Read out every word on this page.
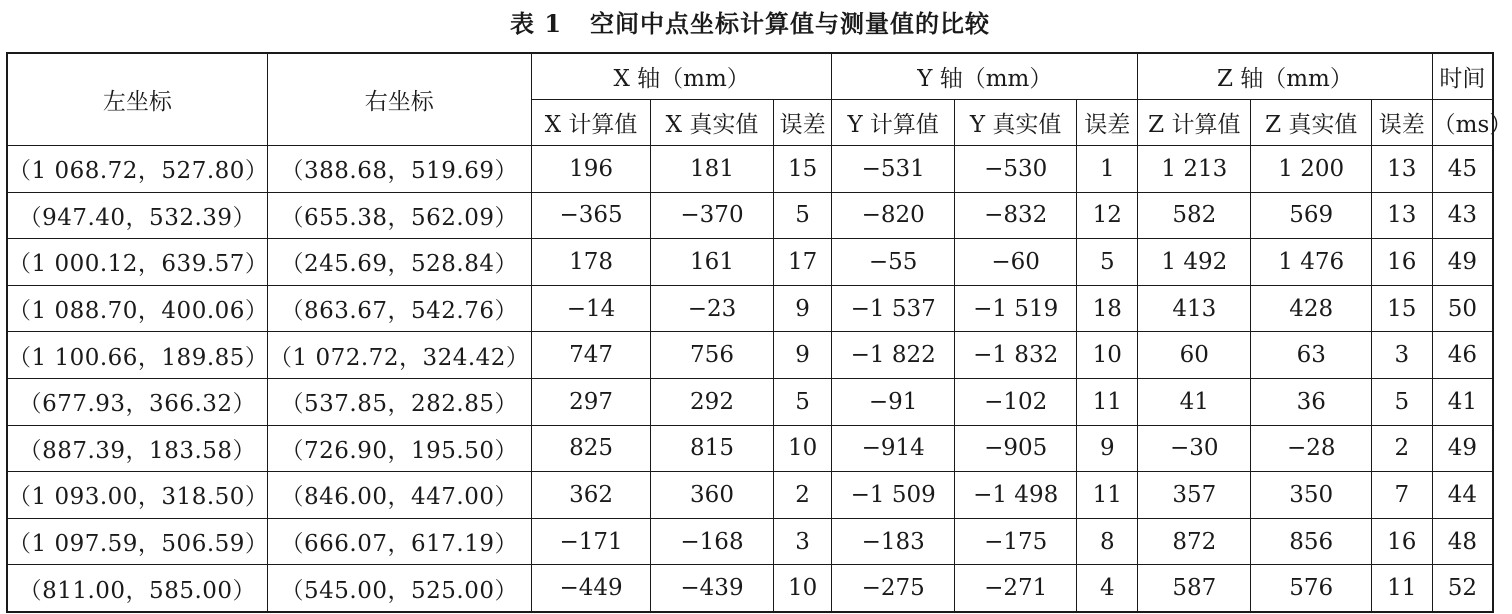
表 1 空间中点坐标计算值与测量值的比较
左坐标	右坐标	X 轴（mm）			Y 轴（mm）			Z 轴（mm）			时间
		X 计算值	X 真实值	误差	Y 计算值	Y 真实值	误差	Z 计算值	Z 真实值	误差	（ms）
（1 068.72，527.80）	（388.68，519.69）	196	181	15	−531	−530	1	1 213	1 200	13	45
（947.40，532.39）	（655.38，562.09）	−365	−370	5	−820	−832	12	582	569	13	43
（1 000.12，639.57）	（245.69，528.84）	178	161	17	−55	−60	5	1 492	1 476	16	49
（1 088.70，400.06）	（863.67，542.76）	−14	−23	9	−1 537	−1 519	18	413	428	15	50
（1 100.66，189.85）	（1 072.72，324.42）	747	756	9	−1 822	−1 832	10	60	63	3	46
（677.93，366.32）	（537.85，282.85）	297	292	5	−91	−102	11	41	36	5	41
（887.39，183.58）	（726.90，195.50）	825	815	10	−914	−905	9	−30	−28	2	49
（1 093.00，318.50）	（846.00，447.00）	362	360	2	−1 509	−1 498	11	357	350	7	44
（1 097.59，506.59）	（666.07，617.19）	−171	−168	3	−183	−175	8	872	856	16	48
（811.00，585.00）	（545.00，525.00）	−449	−439	10	−275	−271	4	587	576	11	52
